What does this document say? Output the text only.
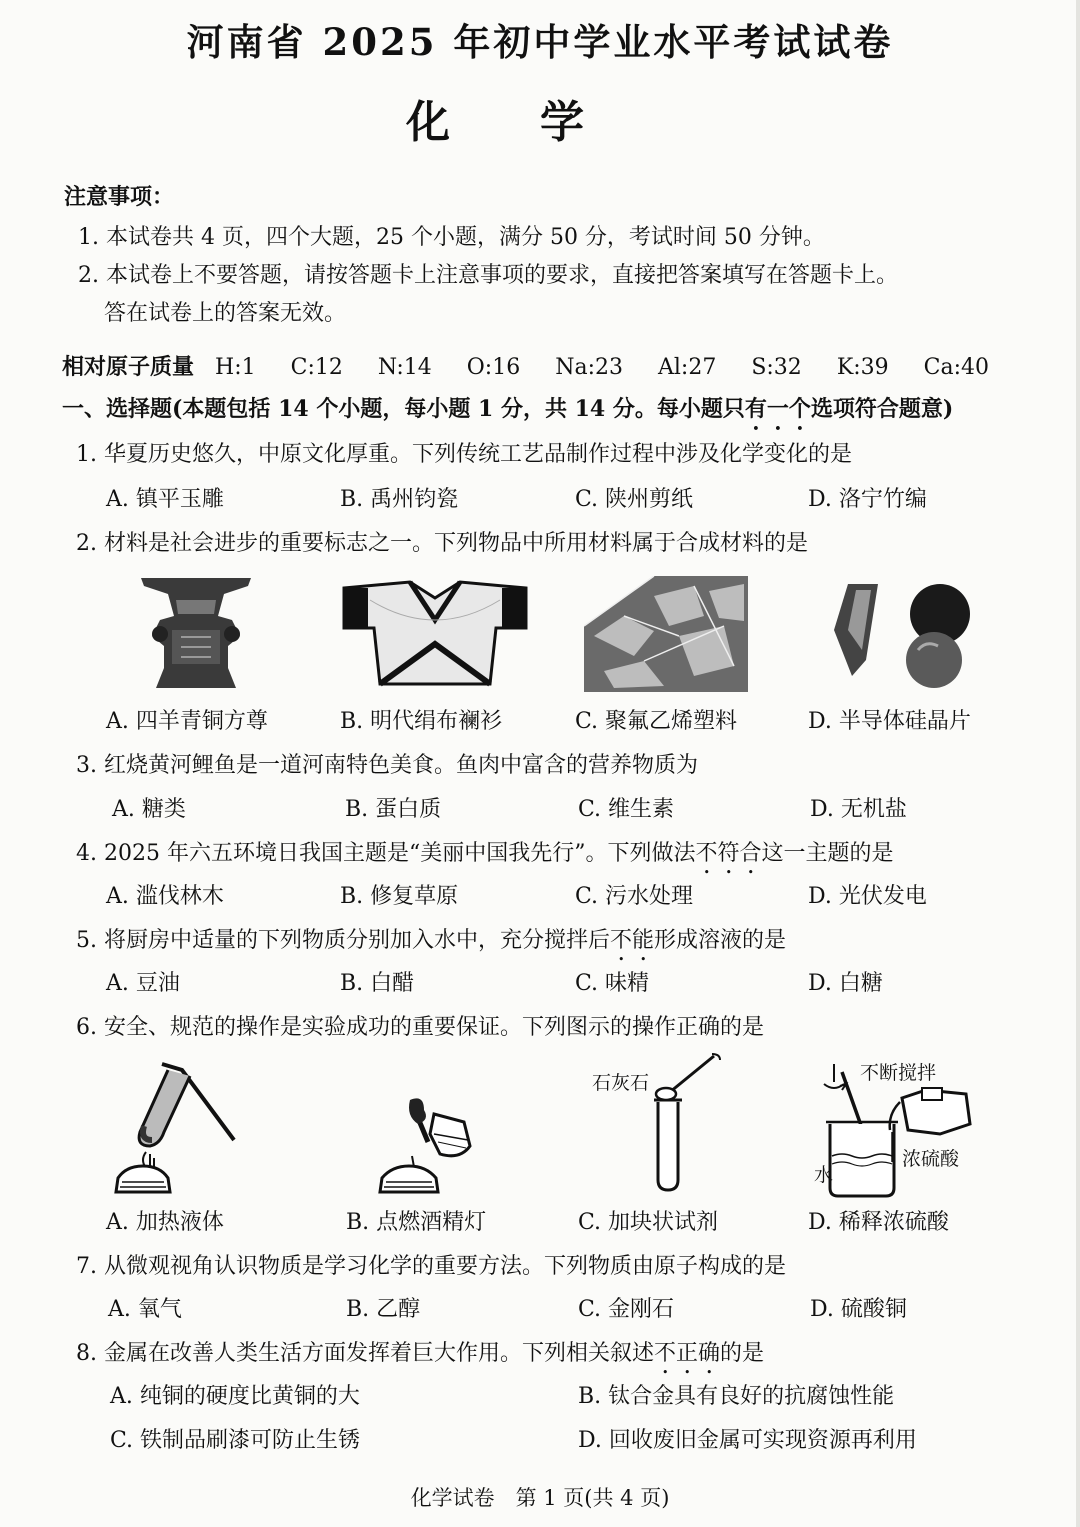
河南省 2025 年初中学业水平考试试卷
化学
注意事项：
1. 本试卷共 4 页，四个大题，25 个小题，满分 50 分，考试时间 50 分钟。
2. 本试卷上不要答题，请按答题卡上注意事项的要求，直接把答案填写在答题卡上。
答在试卷上的答案无效。
相对原子质量 H:1 C:12 N:14 O:16 Na:23 Al:27 S:32 K:39 Ca:40
一、选择题(本题包括 14 个小题，每小题 1 分，共 14 分。每小题只有一个选项符合题意)
1. 华夏历史悠久，中原文化厚重。下列传统工艺品制作过程中涉及化学变化的是
A. 镇平玉雕	B. 禹州钧瓷	C. 陕州剪纸	D. 洛宁竹编
2. 材料是社会进步的重要标志之一。下列物品中所用材料属于合成材料的是
A. 四羊青铜方尊	B. 明代绢布襕衫	C. 聚氟乙烯塑料	D. 半导体硅晶片
3. 红烧黄河鲤鱼是一道河南特色美食。鱼肉中富含的营养物质为
A. 糖类	B. 蛋白质	C. 维生素	D. 无机盐
4. 2025 年六五环境日我国主题是“美丽中国我先行”。下列做法不符合这一主题的是
A. 滥伐林木	B. 修复草原	C. 污水处理	D. 光伏发电
5. 将厨房中适量的下列物质分别加入水中，充分搅拌后不能形成溶液的是
A. 豆油	B. 白醋	C. 味精	D. 白糖
6. 安全、规范的操作是实验成功的重要保证。下列图示的操作正确的是
石灰石	不断搅拌
水
浓硫酸
A. 加热液体	B. 点燃酒精灯	C. 加块状试剂	D. 稀释浓硫酸
7. 从微观视角认识物质是学习化学的重要方法。下列物质由原子构成的是
A. 氧气	B. 乙醇	C. 金刚石	D. 硫酸铜
8. 金属在改善人类生活方面发挥着巨大作用。下列相关叙述不正确的是
A. 纯铜的硬度比黄铜的大	B. 钛合金具有良好的抗腐蚀性能
C. 铁制品刷漆可防止生锈	D. 回收废旧金属可实现资源再利用
化学试卷　第 1 页(共 4 页)
